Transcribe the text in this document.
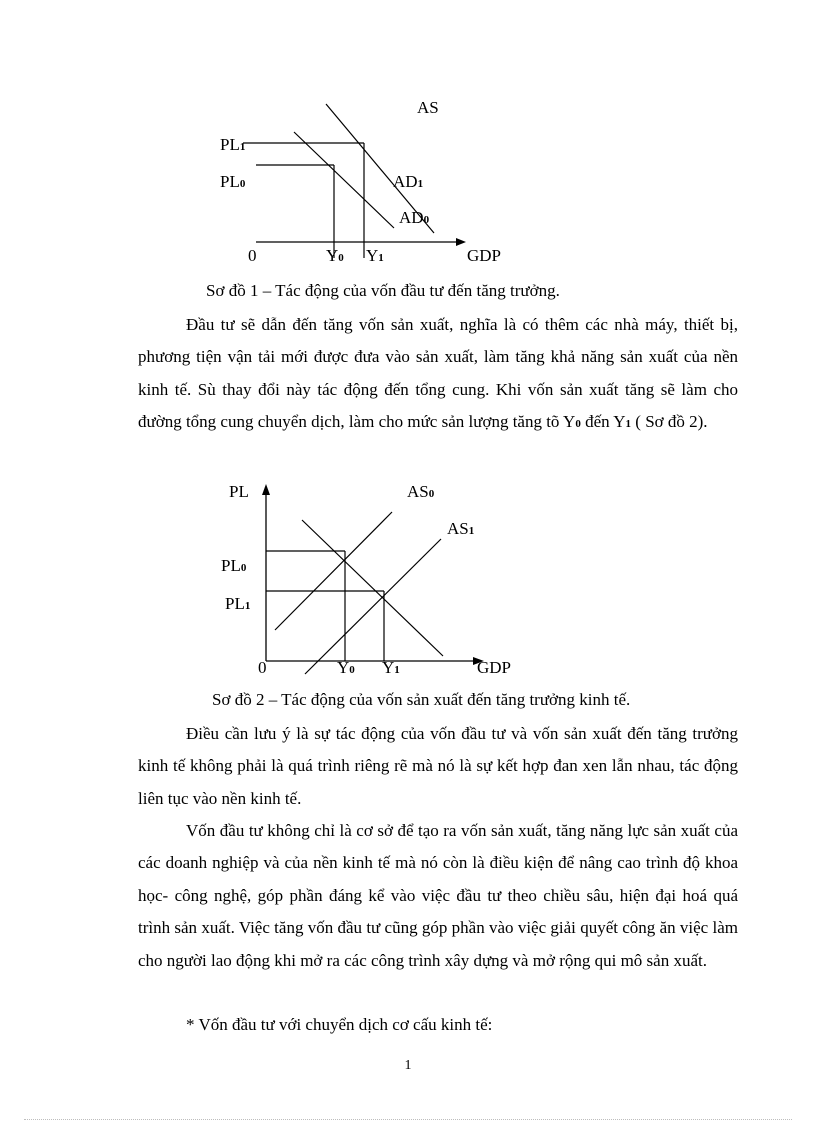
AS
PL1
PL0	AD1
AD0
0	Y0 Y1	GDP
Sơ đồ 1 – Tác động của vốn đầu tư đến tăng trưởng.

Đầu tư sẽ dẫn đến tăng vốn sản xuất, nghĩa là có thêm các nhà máy, thiết bị, phương tiện vận tải mới được đưa vào sản xuất, làm tăng khả năng sản xuất của nền kinh tế. Sù thay đổi này tác động đến tổng cung. Khi vốn sản xuất tăng sẽ làm cho đường tổng cung chuyển dịch, làm cho mức sản lượng tăng tõ Y0 đến Y1 ( Sơ đồ 2).

PL	AS0
AS1
PL0
PL1
0	Y0 Y1	GDP
Sơ đồ 2 – Tác động của vốn sản xuất đến tăng trưởng kinh tế.

Điều cần lưu ý là sự tác động của vốn đầu tư và vốn sản xuất đến tăng trưởng kinh tế không phải là quá trình riêng rẽ mà nó là sự kết hợp đan xen lẫn nhau, tác động liên tục vào nền kinh tế.

Vốn đầu tư không chỉ là cơ sở để tạo ra vốn sản xuất, tăng năng lực sản xuất của các doanh nghiệp và của nền kinh tế mà nó còn là điều kiện để nâng cao trình độ khoa học- công nghệ, góp phần đáng kể vào việc đầu tư theo chiều sâu, hiện đại hoá quá trình sản xuất. Việc tăng vốn đầu tư cũng góp phần vào việc giải quyết công ăn việc làm cho người lao động khi mở ra các công trình xây dựng và mở rộng qui mô sản xuất.

* Vốn đầu tư với chuyển dịch cơ cấu kinh tế:

1
